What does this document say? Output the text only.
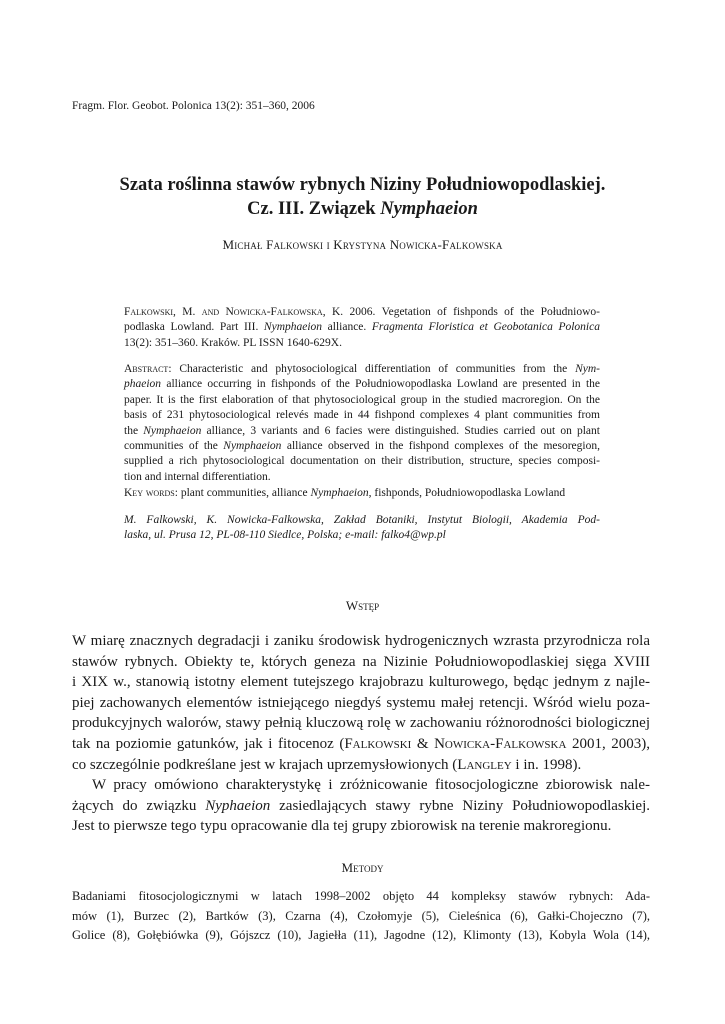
Fragm. Flor. Geobot. Polonica 13(2): 351–360, 2006
Szata roślinna stawów rybnych Niziny Południowopodlaskiej.
Cz. III. Związek Nymphaeion
Michał Falkowski i Krystyna Nowicka-Falkowska
Falkowski, M. and Nowicka-Falkowska, K. 2006. Vegetation of fishponds of the Południowo-
podlaska Lowland. Part III. Nymphaeion alliance. Fragmenta Floristica et Geobotanica Polonica
13(2): 351–360. Kraków. PL ISSN 1640-629X.
Abstract: Characteristic and phytosociological differentiation of communities from the Nym-
phaeion alliance occurring in fishponds of the Południowopodlaska Lowland are presented in the
paper. It is the first elaboration of that phytosociological group in the studied macroregion. On the
basis of 231 phytosociological relevés made in 44 fishpond complexes 4 plant communities from
the Nymphaeion alliance, 3 variants and 6 facies were distinguished. Studies carried out on plant
communities of the Nymphaeion alliance observed in the fishpond complexes of the mesoregion,
supplied a rich phytosociological documentation on their distribution, structure, species composi-
tion and internal differentiation.
Key words: plant communities, alliance Nymphaeion, fishponds, Południowopodlaska Lowland
M. Falkowski, K. Nowicka-Falkowska, Zakład Botaniki, Instytut Biologii, Akademia Pod-
laska, ul. Prusa 12, PL-08-110 Siedlce, Polska; e-mail: falko4@wp.pl
Wstęp
W miarę znacznych degradacji i zaniku środowisk hydrogenicznych wzrasta przyrodnicza rola
stawów rybnych. Obiekty te, których geneza na Nizinie Południowopodlaskiej sięga XVIII
i XIX w., stanowią istotny element tutejszego krajobrazu kulturowego, będąc jednym z najle-
piej zachowanych elementów istniejącego niegdyś systemu małej retencji. Wśród wielu poza-
produkcyjnych walorów, stawy pełnią kluczową rolę w zachowaniu różnorodności biologicznej
tak na poziomie gatunków, jak i fitocenoz (Falkowski & Nowicka-Falkowska 2001, 2003),
co szczególnie podkreślane jest w krajach uprzemysłowionych (Langley i in. 1998).
W pracy omówiono charakterystykę i zróżnicowanie fitosocjologiczne zbiorowisk nale-
żących do związku Nyphaeion zasiedlających stawy rybne Niziny Południowopodlaskiej.
Jest to pierwsze tego typu opracowanie dla tej grupy zbiorowisk na terenie makroregionu.
Metody
Badaniami fitosocjologicznymi w latach 1998–2002 objęto 44 kompleksy stawów rybnych: Ada-
mów (1), Burzec (2), Bartków (3), Czarna (4), Czołomyje (5), Cieleśnica (6), Gałki-Chojeczno (7),
Golice (8), Gołębiówka (9), Gójszcz (10), Jagiełła (11), Jagodne (12), Klimonty (13), Kobyla Wola (14),
